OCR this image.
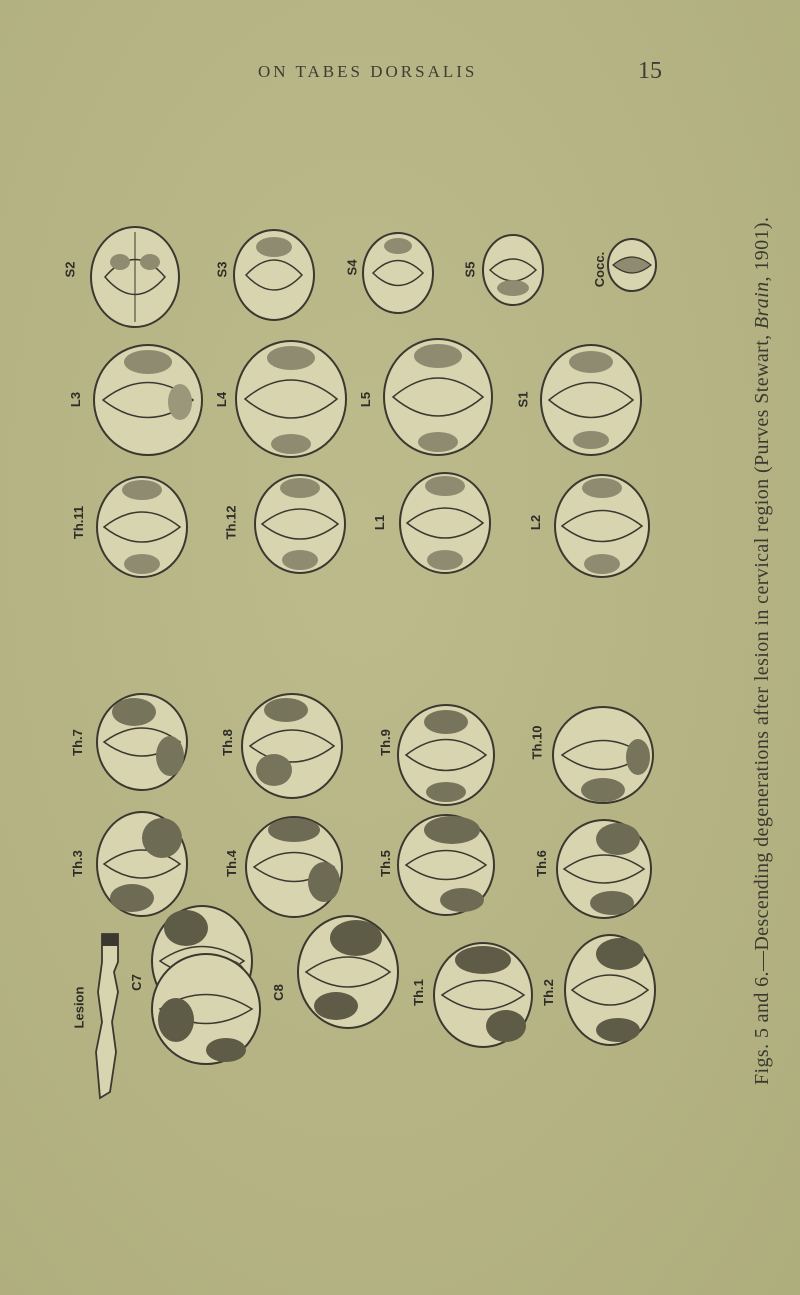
ON TABES DORSALIS	15
S2	S3	S4	S5	Cocc.
L3	L4	L5	S1
Th.11	Th.12	L1	L2
Th.7	Th.8	Th.9	Th.10
Th.3	Th.4	Th.5	Th.6
Lesion
C7
C8	Th.1	Th.2	Figs. 5 and 6.—Descending degenerations after lesion in cervical region (Purves Stewart, Brain, 1901).
